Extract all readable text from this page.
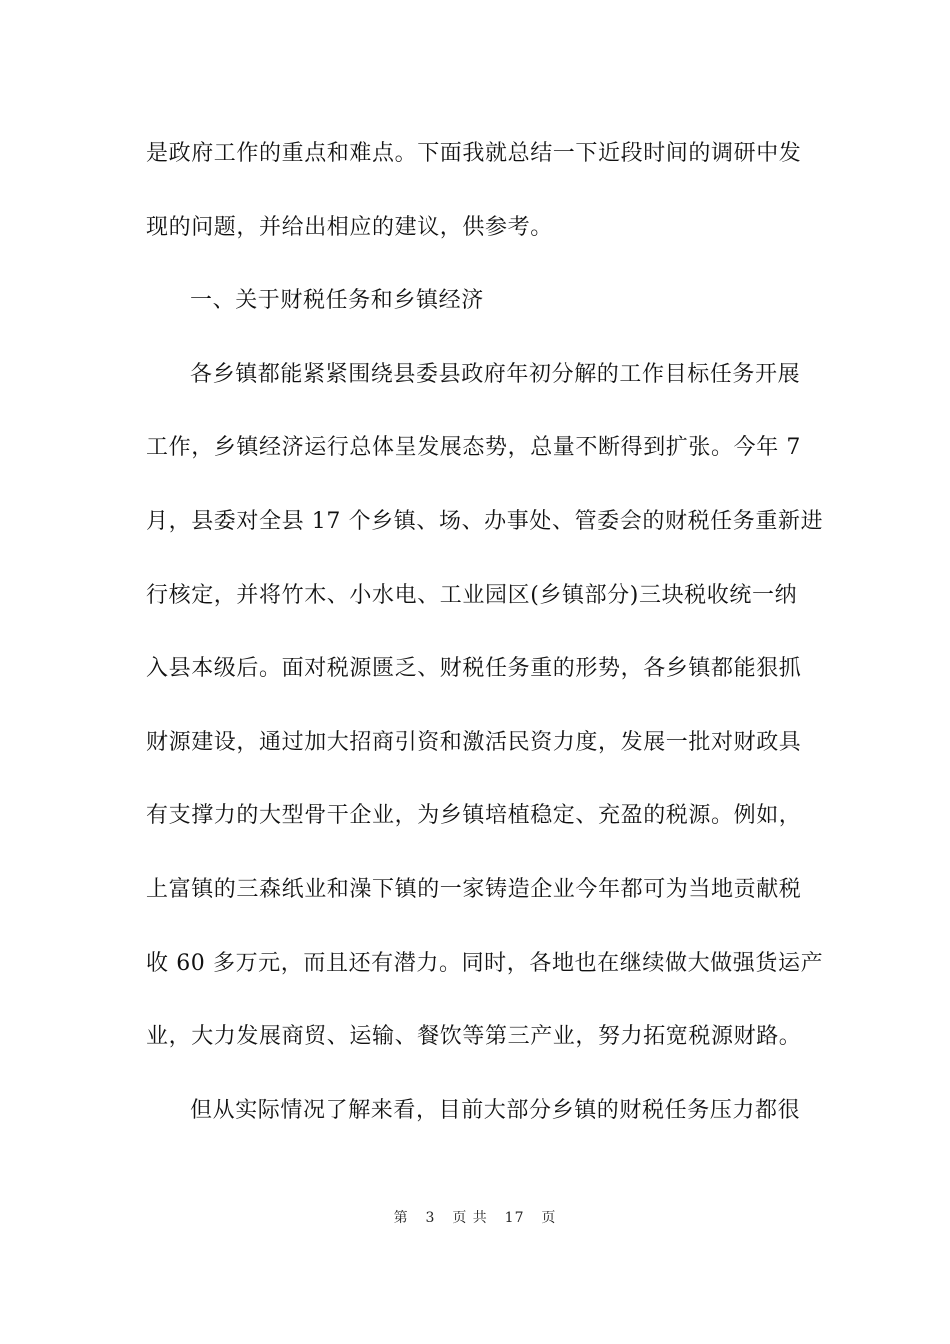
是政府工作的重点和难点。下面我就总结一下近段时间的调研中发
现的问题，并给出相应的建议，供参考。
一、关于财税任务和乡镇经济
各乡镇都能紧紧围绕县委县政府年初分解的工作目标任务开展
工作，乡镇经济运行总体呈发展态势，总量不断得到扩张。今年 7
月，县委对全县 17 个乡镇、场、办事处、管委会的财税任务重新进
行核定，并将竹木、小水电、工业园区(乡镇部分)三块税收统一纳
入县本级后。面对税源匮乏、财税任务重的形势，各乡镇都能狠抓
财源建设，通过加大招商引资和激活民资力度，发展一批对财政具
有支撑力的大型骨干企业，为乡镇培植稳定、充盈的税源。例如，
上富镇的三森纸业和澡下镇的一家铸造企业今年都可为当地贡献税
收 60 多万元，而且还有潜力。同时，各地也在继续做大做强货运产
业，大力发展商贸、运输、餐饮等第三产业，努力拓宽税源财路。
但从实际情况了解来看，目前大部分乡镇的财税任务压力都很
第 3 页 共 17 页
